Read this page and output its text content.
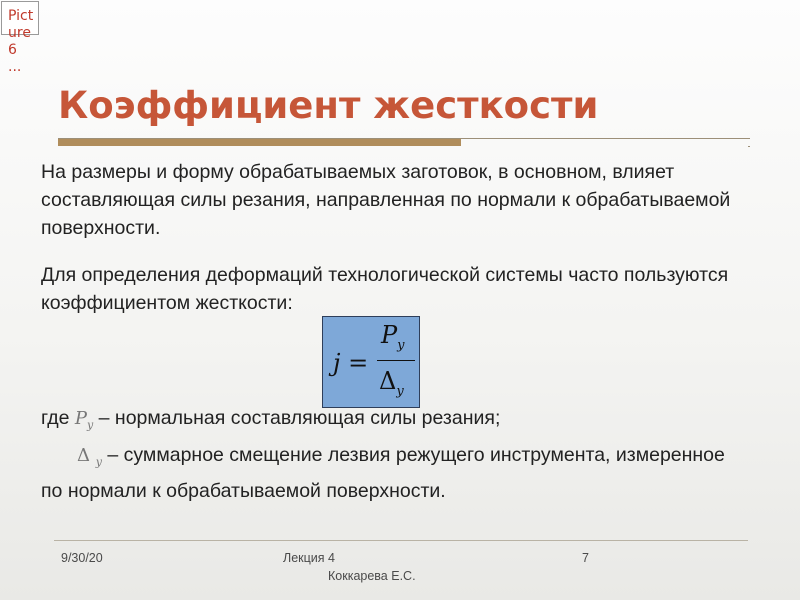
Picture 6 ...
Коэффициент жесткости

На размеры и форму обрабатываемых заготовок, в основном, влияет составляющая силы резания, направленная по нормали к обрабатываемой поверхности.

Для определения деформаций технологической системы часто пользуются коэффициентом жесткости:

j =
$P_y$
$\Delta_y$

где $P_y$ – нормальная составляющая силы резания;

Δ $_y$ – суммарное смещение лезвия режущего инструмента, измеренное по нормали к обрабатываемой поверхности.

9/30/20	Лекция 4
Коккарева Е.С.
7
